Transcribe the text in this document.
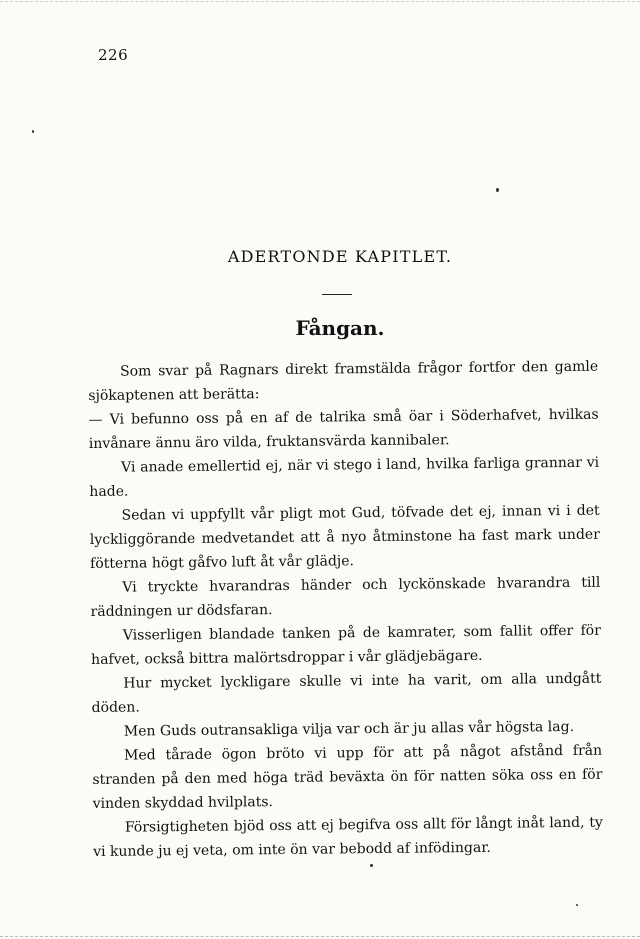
226
ADERTONDE KAPITLET.
Fångan.

Som svar på Ragnars direkt framstälda frågor fortfor den gamle sjökaptenen att berätta:

— Vi befunno oss på en af de talrika små öar i Söderhafvet, hvilkas invånare ännu äro vilda, fruktansvärda kannibaler.

Vi anade emellertid ej, när vi stego i land, hvilka farliga grannar vi hade.

Sedan vi uppfyllt vår pligt mot Gud, töfvade det ej, innan vi i det lyckliggörande medvetandet att å nyo åtminstone ha fast mark under fötterna högt gåfvo luft åt vår glädje.

Vi tryckte hvarandras händer och lyckönskade hvarandra till räddningen ur dödsfaran.

Visserligen blandade tanken på de kamrater, som fallit offer för hafvet, också bittra malörtsdroppar i vår glädjebägare.

Hur mycket lyckligare skulle vi inte ha varit, om alla undgått döden.

Men Guds outransakliga vilja var och är ju allas vår högsta lag.

Med tårade ögon bröto vi upp för att på något afstånd från stranden på den med höga träd beväxta ön för natten söka oss en för vinden skyddad hvilplats.

Försigtigheten bjöd oss att ej begifva oss allt för långt inåt land, ty vi kunde ju ej veta, om inte ön var bebodd af infödingar.
